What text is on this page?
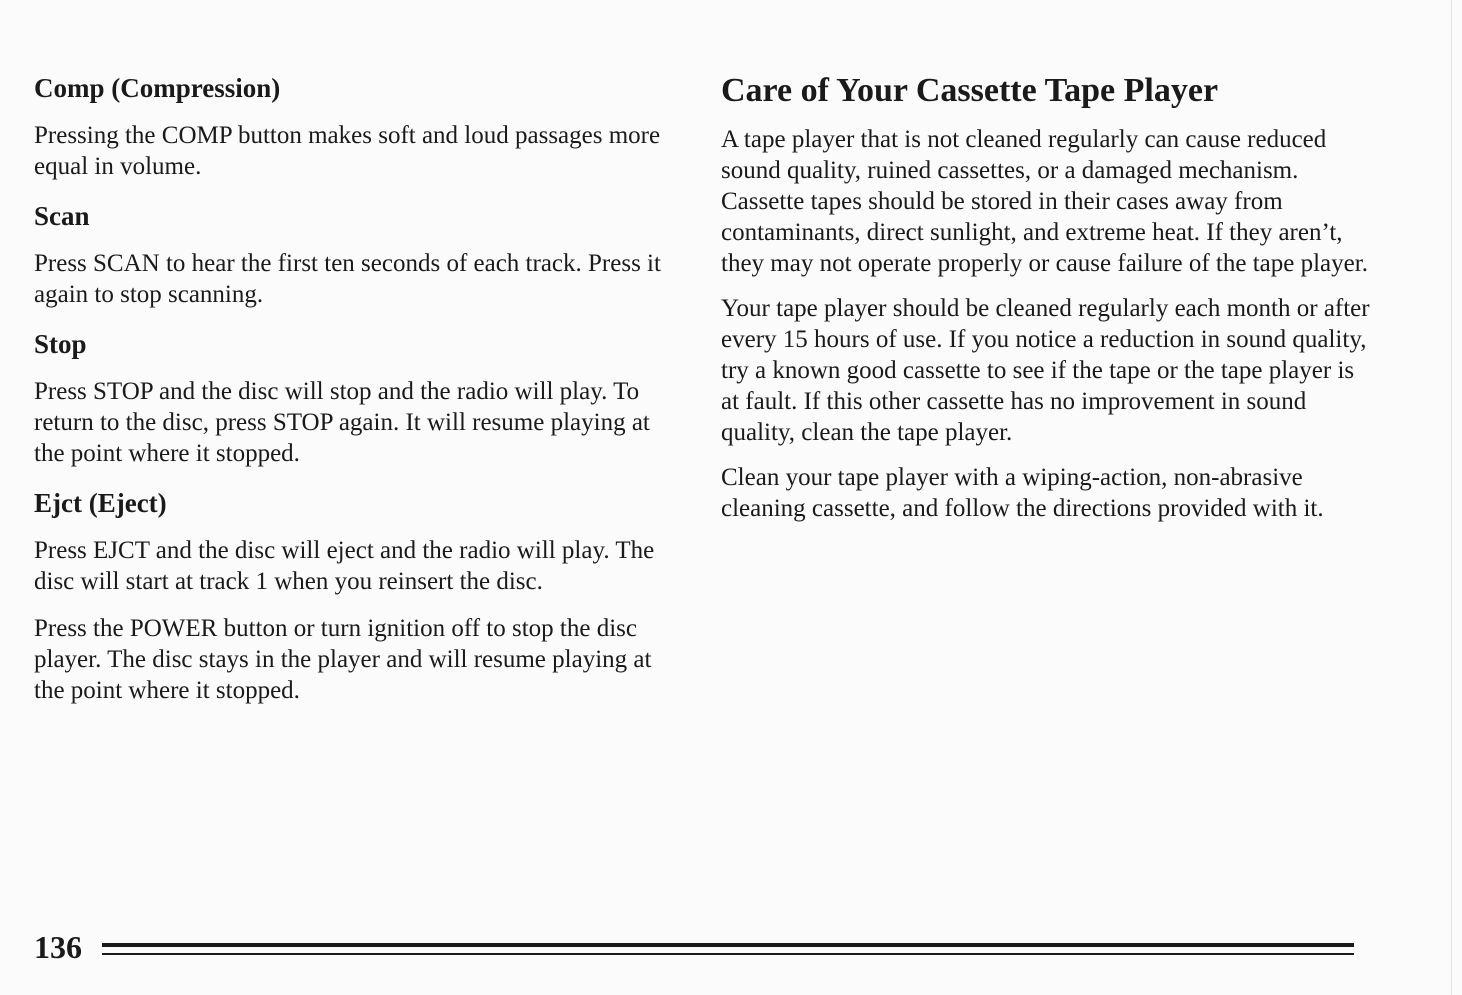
Comp (Compression)

Pressing the COMP button makes soft and loud passages more equal in volume.

Scan

Press SCAN to hear the first ten seconds of each track. Press it again to stop scanning.

Stop

Press STOP and the disc will stop and the radio will play. To return to the disc, press STOP again. It will resume playing at the point where it stopped.

Ejct (Eject)

Press EJCT and the disc will eject and the radio will play. The disc will start at track 1 when you reinsert the disc.

Press the POWER button or turn ignition off to stop the disc player. The disc stays in the player and will resume playing at the point where it stopped.

Care of Your Cassette Tape Player

A tape player that is not cleaned regularly can cause reduced sound quality, ruined cassettes, or a damaged mechanism. Cassette tapes should be stored in their cases away from contaminants, direct sunlight, and extreme heat. If they aren’t, they may not operate properly or cause failure of the tape player.

Your tape player should be cleaned regularly each month or after every 15 hours of use. If you notice a reduction in sound quality, try a known good cassette to see if the tape or the tape player is at fault. If this other cassette has no improvement in sound quality, clean the tape player.

Clean your tape player with a wiping-action, non-abrasive cleaning cassette, and follow the directions provided with it.

136
